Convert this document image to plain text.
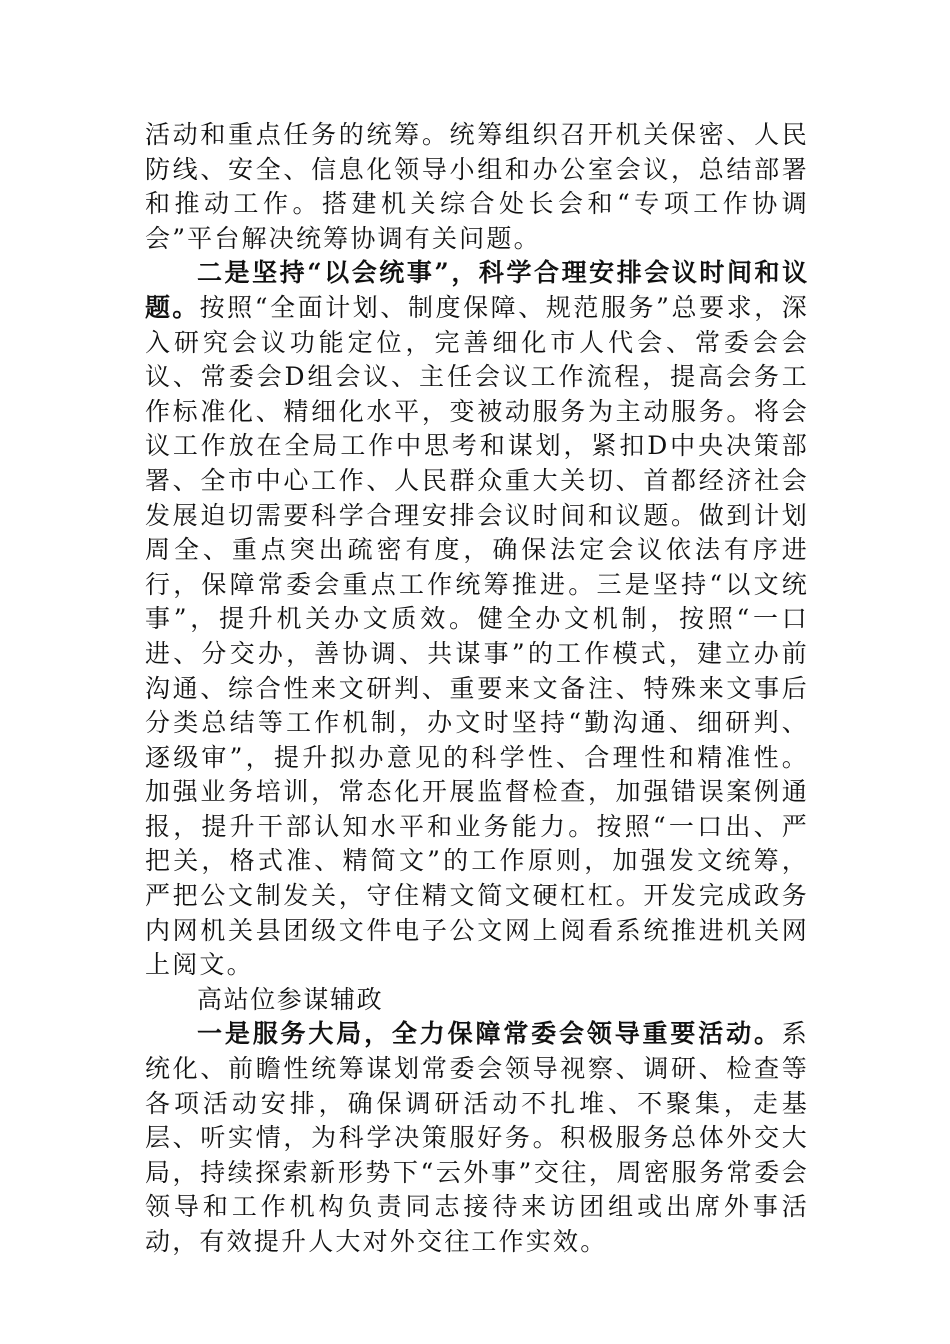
活动和重点任务的统筹。统筹组织召开机关保密、人民防线、安全、信息化领导小组和办公室会议，总结部署和推动工作。搭建机关综合处长会和“专项工作协调会”平台解决统筹协调有关问题。

二是坚持“以会统事”，科学合理安排会议时间和议题。按照“全面计划、制度保障、规范服务”总要求，深入研究会议功能定位，完善细化市人代会、常委会会议、常委会D组会议、主任会议工作流程，提高会务工作标准化、精细化水平，变被动服务为主动服务。将会议工作放在全局工作中思考和谋划，紧扣D中央决策部署、全市中心工作、人民群众重大关切、首都经济社会发展迫切需要科学合理安排会议时间和议题。做到计划周全、重点突出疏密有度，确保法定会议依法有序进行，保障常委会重点工作统筹推进。三是坚持“以文统事”，提升机关办文质效。健全办文机制，按照“一口进、分交办，善协调、共谋事”的工作模式，建立办前沟通、综合性来文研判、重要来文备注、特殊来文事后分类总结等工作机制，办文时坚持“勤沟通、细研判、逐级审”，提升拟办意见的科学性、合理性和精准性。加强业务培训，常态化开展监督检查，加强错误案例通报，提升干部认知水平和业务能力。按照“一口出、严把关，格式准、精简文”的工作原则，加强发文统筹，严把公文制发关，守住精文简文硬杠杠。开发完成政务内网机关县团级文件电子公文网上阅看系统推进机关网上阅文。

高站位参谋辅政

一是服务大局，全力保障常委会领导重要活动。系统化、前瞻性统筹谋划常委会领导视察、调研、检查等各项活动安排，确保调研活动不扎堆、不聚集，走基层、听实情，为科学决策服好务。积极服务总体外交大局，持续探索新形势下“云外事”交往，周密服务常委会领导和工作机构负责同志接待来访团组或出席外事活动，有效提升人大对外交往工作实效。
